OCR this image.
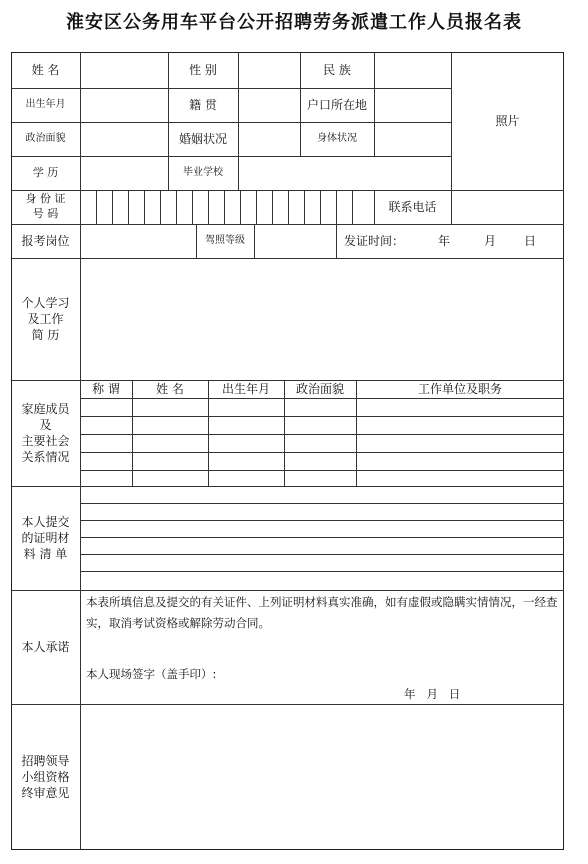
淮安区公务用车平台公开招聘劳务派遣工作人员报名表
姓 名	性 别	民 族
照片
出生年月	籍 贯	户口所在地
政治面貌	婚姻状况	身体状况
学 历	毕业学校
身 份 证
号 码	联系电话
报考岗位	驾照等级	发证时间：	年	月	日
个人学习
及工作
简 历
家庭成员
及
主要社会
关系情况
称 谓	姓 名	出生年月	政治面貌	工作单位及职务
本人提交
的证明材
料 清 单
本人承诺
本表所填信息及提交的有关证件、上列证明材料真实准确，如有虚假或隐瞒实情情况，一经查实，取消考试资格或解除劳动合同。
本人现场签字（盖手印）:
年   月   日
招聘领导
小组资格
终审意见
